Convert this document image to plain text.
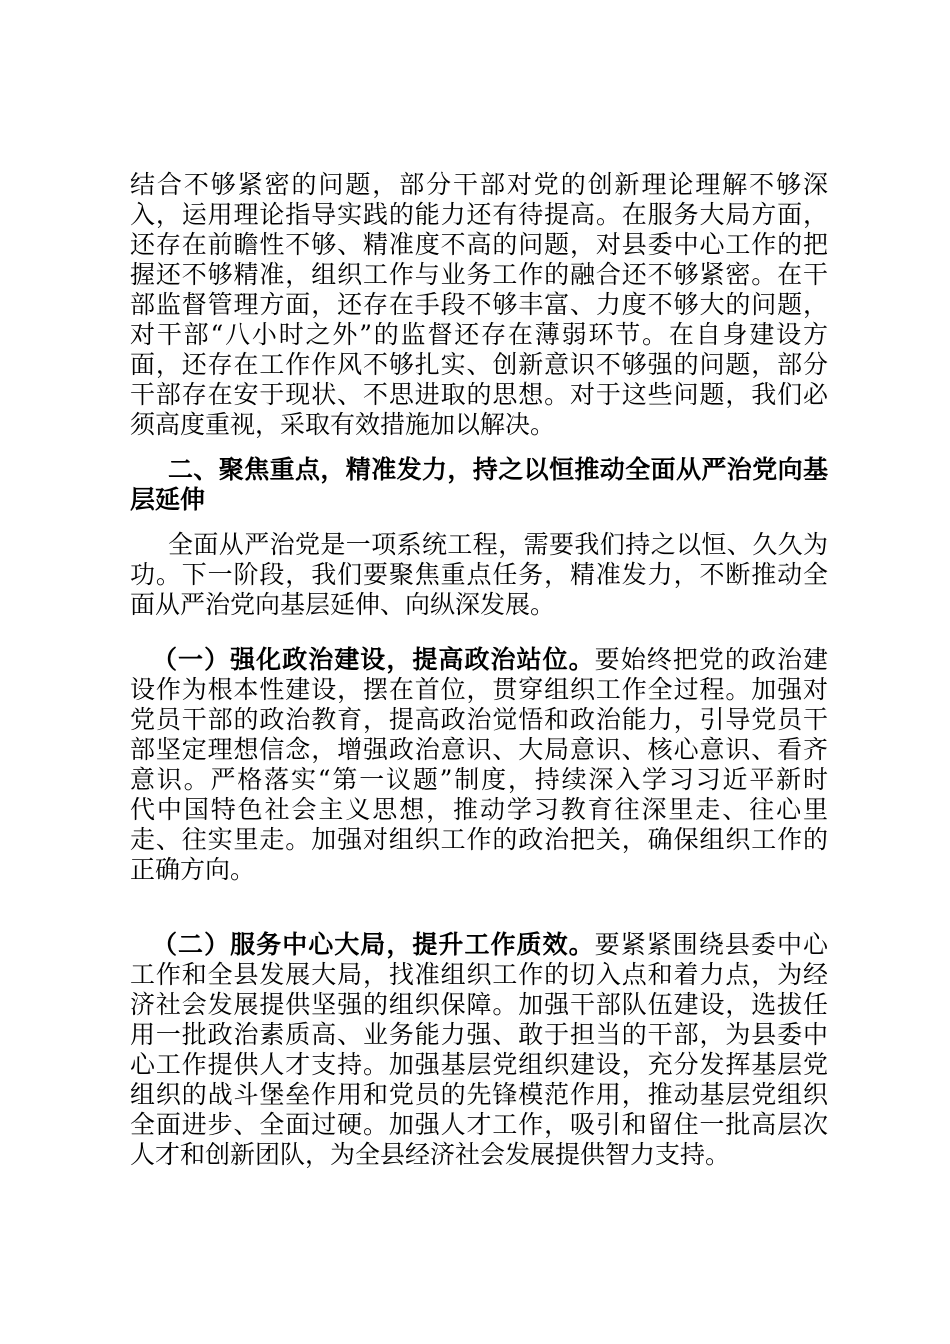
结合不够紧密的问题，部分干部对党的创新理论理解不够深
入，运用理论指导实践的能力还有待提高。在服务大局方面，
还存在前瞻性不够、精准度不高的问题，对县委中心工作的把
握还不够精准，组织工作与业务工作的融合还不够紧密。在干
部监督管理方面，还存在手段不够丰富、力度不够大的问题，
对干部“八小时之外”的监督还存在薄弱环节。在自身建设方
面，还存在工作作风不够扎实、创新意识不够强的问题，部分
干部存在安于现状、不思进取的思想。对于这些问题，我们必
须高度重视，采取有效措施加以解决。
二、聚焦重点，精准发力，持之以恒推动全面从严治党向基
层延伸
全面从严治党是一项系统工程，需要我们持之以恒、久久为
功。下一阶段，我们要聚焦重点任务，精准发力，不断推动全
面从严治党向基层延伸、向纵深发展。
（一）强化政治建设，提高政治站位。要始终把党的政治建
设作为根本性建设，摆在首位，贯穿组织工作全过程。加强对
党员干部的政治教育，提高政治觉悟和政治能力，引导党员干
部坚定理想信念，增强政治意识、大局意识、核心意识、看齐
意识。严格落实“第一议题”制度，持续深入学习习近平新时
代中国特色社会主义思想，推动学习教育往深里走、往心里
走、往实里走。加强对组织工作的政治把关，确保组织工作的
正确方向。
（二）服务中心大局，提升工作质效。要紧紧围绕县委中心
工作和全县发展大局，找准组织工作的切入点和着力点，为经
济社会发展提供坚强的组织保障。加强干部队伍建设，选拔任
用一批政治素质高、业务能力强、敢于担当的干部，为县委中
心工作提供人才支持。加强基层党组织建设，充分发挥基层党
组织的战斗堡垒作用和党员的先锋模范作用，推动基层党组织
全面进步、全面过硬。加强人才工作，吸引和留住一批高层次
人才和创新团队，为全县经济社会发展提供智力支持。
